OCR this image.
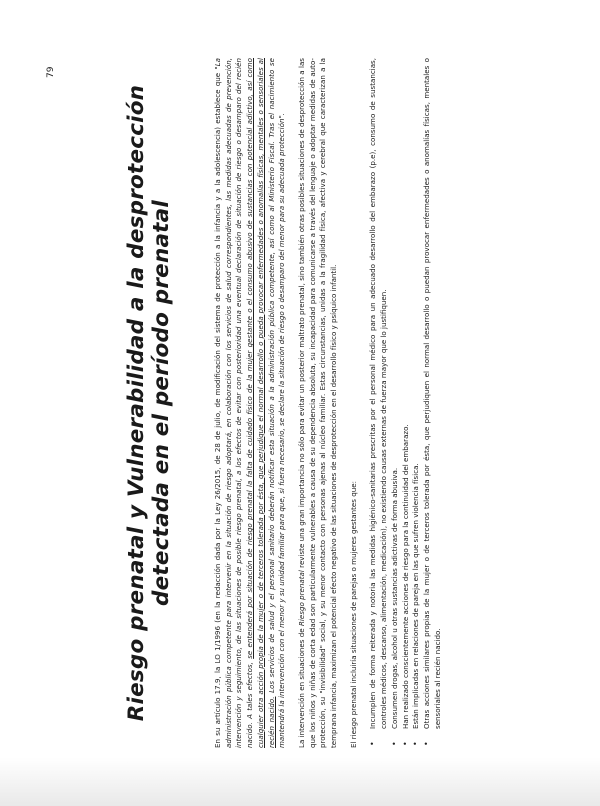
79
Riesgo prenatal y Vulnerabilidad a la desprotección detectada en el período prenatal	En su artículo 17.9, la LO 1/1996 (en la redacción dada por la Ley 26/2015, de 28 de julio, de modificación del sistema de protección a la infancia y a la adolescencia) establece que "La administración pública competente para intervenir en la situación de riesgo adoptará, en colaboración con los servicios de salud correspondientes, las medidas adecuadas de prevención, intervención y seguimiento, de las situaciones de posible riesgo prenatal, a los efectos de evitar con posterioridad una eventual declaración de situación de riesgo o desamparo del recién nacido. A tales efectos, se entenderá por situación de riesgo prenatal la falta de cuidado físico de la mujer gestante o el consumo abusivo de sustancias con potencial adictivo, así como cualquier otra acción propia de la mujer o de terceros tolerada por ésta, que perjudique el normal desarrollo o pueda provocar enfermedades o anomalías físicas, mentales o sensoriales al recién nacido. Los servicios de salud y el personal sanitario deberán notificar esta situación a la administración pública competente, así como al Ministerio Fiscal. Tras el nacimiento se mantendrá la intervención con el menor y su unidad familiar para que, si fuera necesario, se declare la situación de riesgo o desamparo del menor para su adecuada protección". La intervención en situaciones de Riesgo prenatal reviste una gran importancia no sólo para evitar un posterior maltrato prenatal, sino también otras posibles situaciones de desprotección a las que los niños y niñas de corta edad son particularmente vulnerables a causa de su dependencia absoluta, su incapacidad para comunicarse a través del lenguaje o adoptar medidas de auto-protección, su "invisibilidad" social, y su menor contacto con personas ajenas al núcleo familiar. Estas circunstancias, unidas a la fragilidad física, afectiva y cerebral que caracterizan a la temprana infancia, maximizan el potencial efecto negativo de las situaciones de desprotección en el desarrollo físico y psíquico infantil. El riesgo prenatal incluiría situaciones de parejas o mujeres gestantes que: •
Incumplen de forma reiterada y notoria las medidas higiénico-sanitarias prescritas por el personal médico para un adecuado desarrollo del embarazo (p.e), consumo de sustancias, controles médicos, descanso, alimentación, medicación), no existiendo causas externas de fuerza mayor que lo justifiquen.
•
Consumen drogas, alcohol u otras sustancias adictivas de forma abusiva.
•
Han realizado conscientemente acciones de riesgo para la continuidad del embarazo.
•
Están implicadas en relaciones de pareja en las que sufren violencia física.
•
Otras acciones similares propias de la mujer o de terceros tolerada por ésta, que perjudiquen el normal desarrollo o puedan provocar enfermedades o anomalías físicas, mentales o sensoriales al recién nacido.
